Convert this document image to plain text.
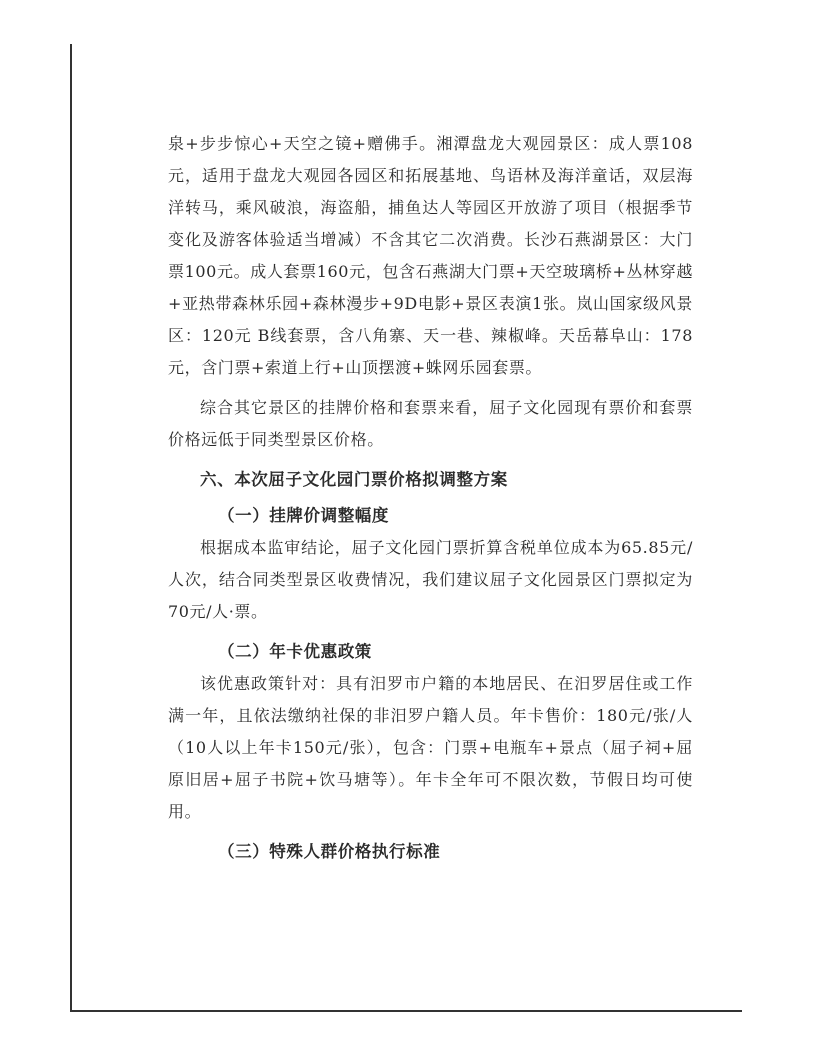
泉+步步惊心+天空之镜+赠佛手。湘潭盘龙大观园景区：成人票108元，适用于盘龙大观园各园区和拓展基地、鸟语林及海洋童话，双层海洋转马，乘风破浪，海盗船，捕鱼达人等园区开放游了项目（根据季节变化及游客体验适当增减）不含其它二次消费。长沙石燕湖景区：大门票100元。成人套票160元，包含石燕湖大门票+天空玻璃桥+丛林穿越+亚热带森林乐园+森林漫步+9D电影+景区表演1张。岚山国家级风景区：120元 B线套票，含八角寨、天一巷、辣椒峰。天岳幕阜山：178元，含门票+索道上行+山顶摆渡+蛛网乐园套票。

综合其它景区的挂牌价格和套票来看，屈子文化园现有票价和套票价格远低于同类型景区价格。

六、本次屈子文化园门票价格拟调整方案

（一）挂牌价调整幅度

根据成本监审结论，屈子文化园门票折算含税单位成本为65.85元/人次，结合同类型景区收费情况，我们建议屈子文化园景区门票拟定为70元/人·票。

（二）年卡优惠政策

该优惠政策针对：具有汨罗市户籍的本地居民、在汨罗居住或工作满一年，且依法缴纳社保的非汨罗户籍人员。年卡售价：180元/张/人（10人以上年卡150元/张），包含：门票+电瓶车+景点（屈子祠+屈原旧居+屈子书院+饮马塘等）。年卡全年可不限次数，节假日均可使用。

（三）特殊人群价格执行标准
